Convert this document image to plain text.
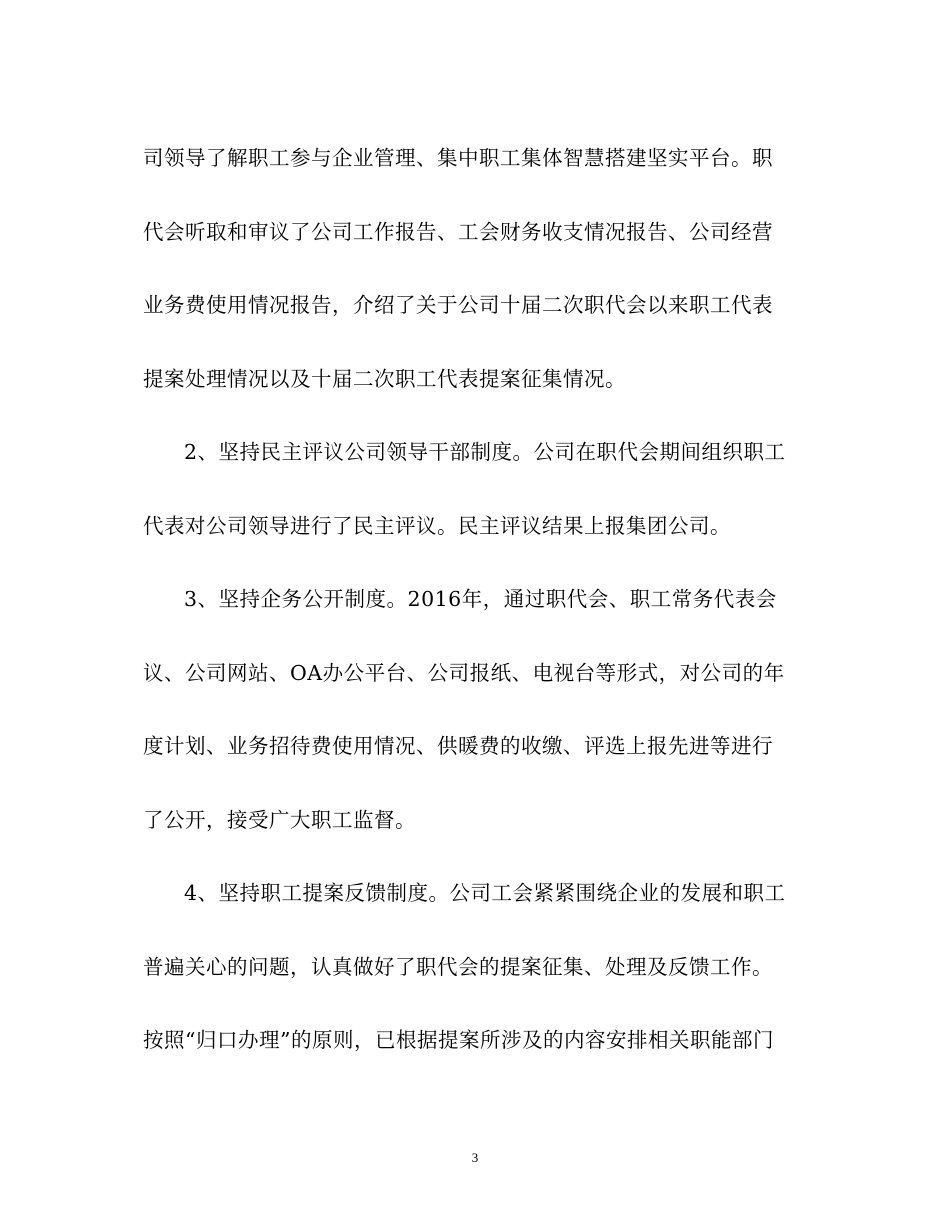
司领导了解职工参与企业管理、集中职工集体智慧搭建坚实平台。职
代会听取和审议了公司工作报告、工会财务收支情况报告、公司经营
业务费使用情况报告，介绍了关于公司十届二次职代会以来职工代表
提案处理情况以及十届二次职工代表提案征集情况。
2、坚持民主评议公司领导干部制度。公司在职代会期间组织职工
代表对公司领导进行了民主评议。民主评议结果上报集团公司。
3、坚持企务公开制度。2016年，通过职代会、职工常务代表会
议、公司网站、OA办公平台、公司报纸、电视台等形式，对公司的年
度计划、业务招待费使用情况、供暖费的收缴、评选上报先进等进行
了公开，接受广大职工监督。
4、坚持职工提案反馈制度。公司工会紧紧围绕企业的发展和职工
普遍关心的问题，认真做好了职代会的提案征集、处理及反馈工作。
按照“归口办理”的原则，已根据提案所涉及的内容安排相关职能部门
3
